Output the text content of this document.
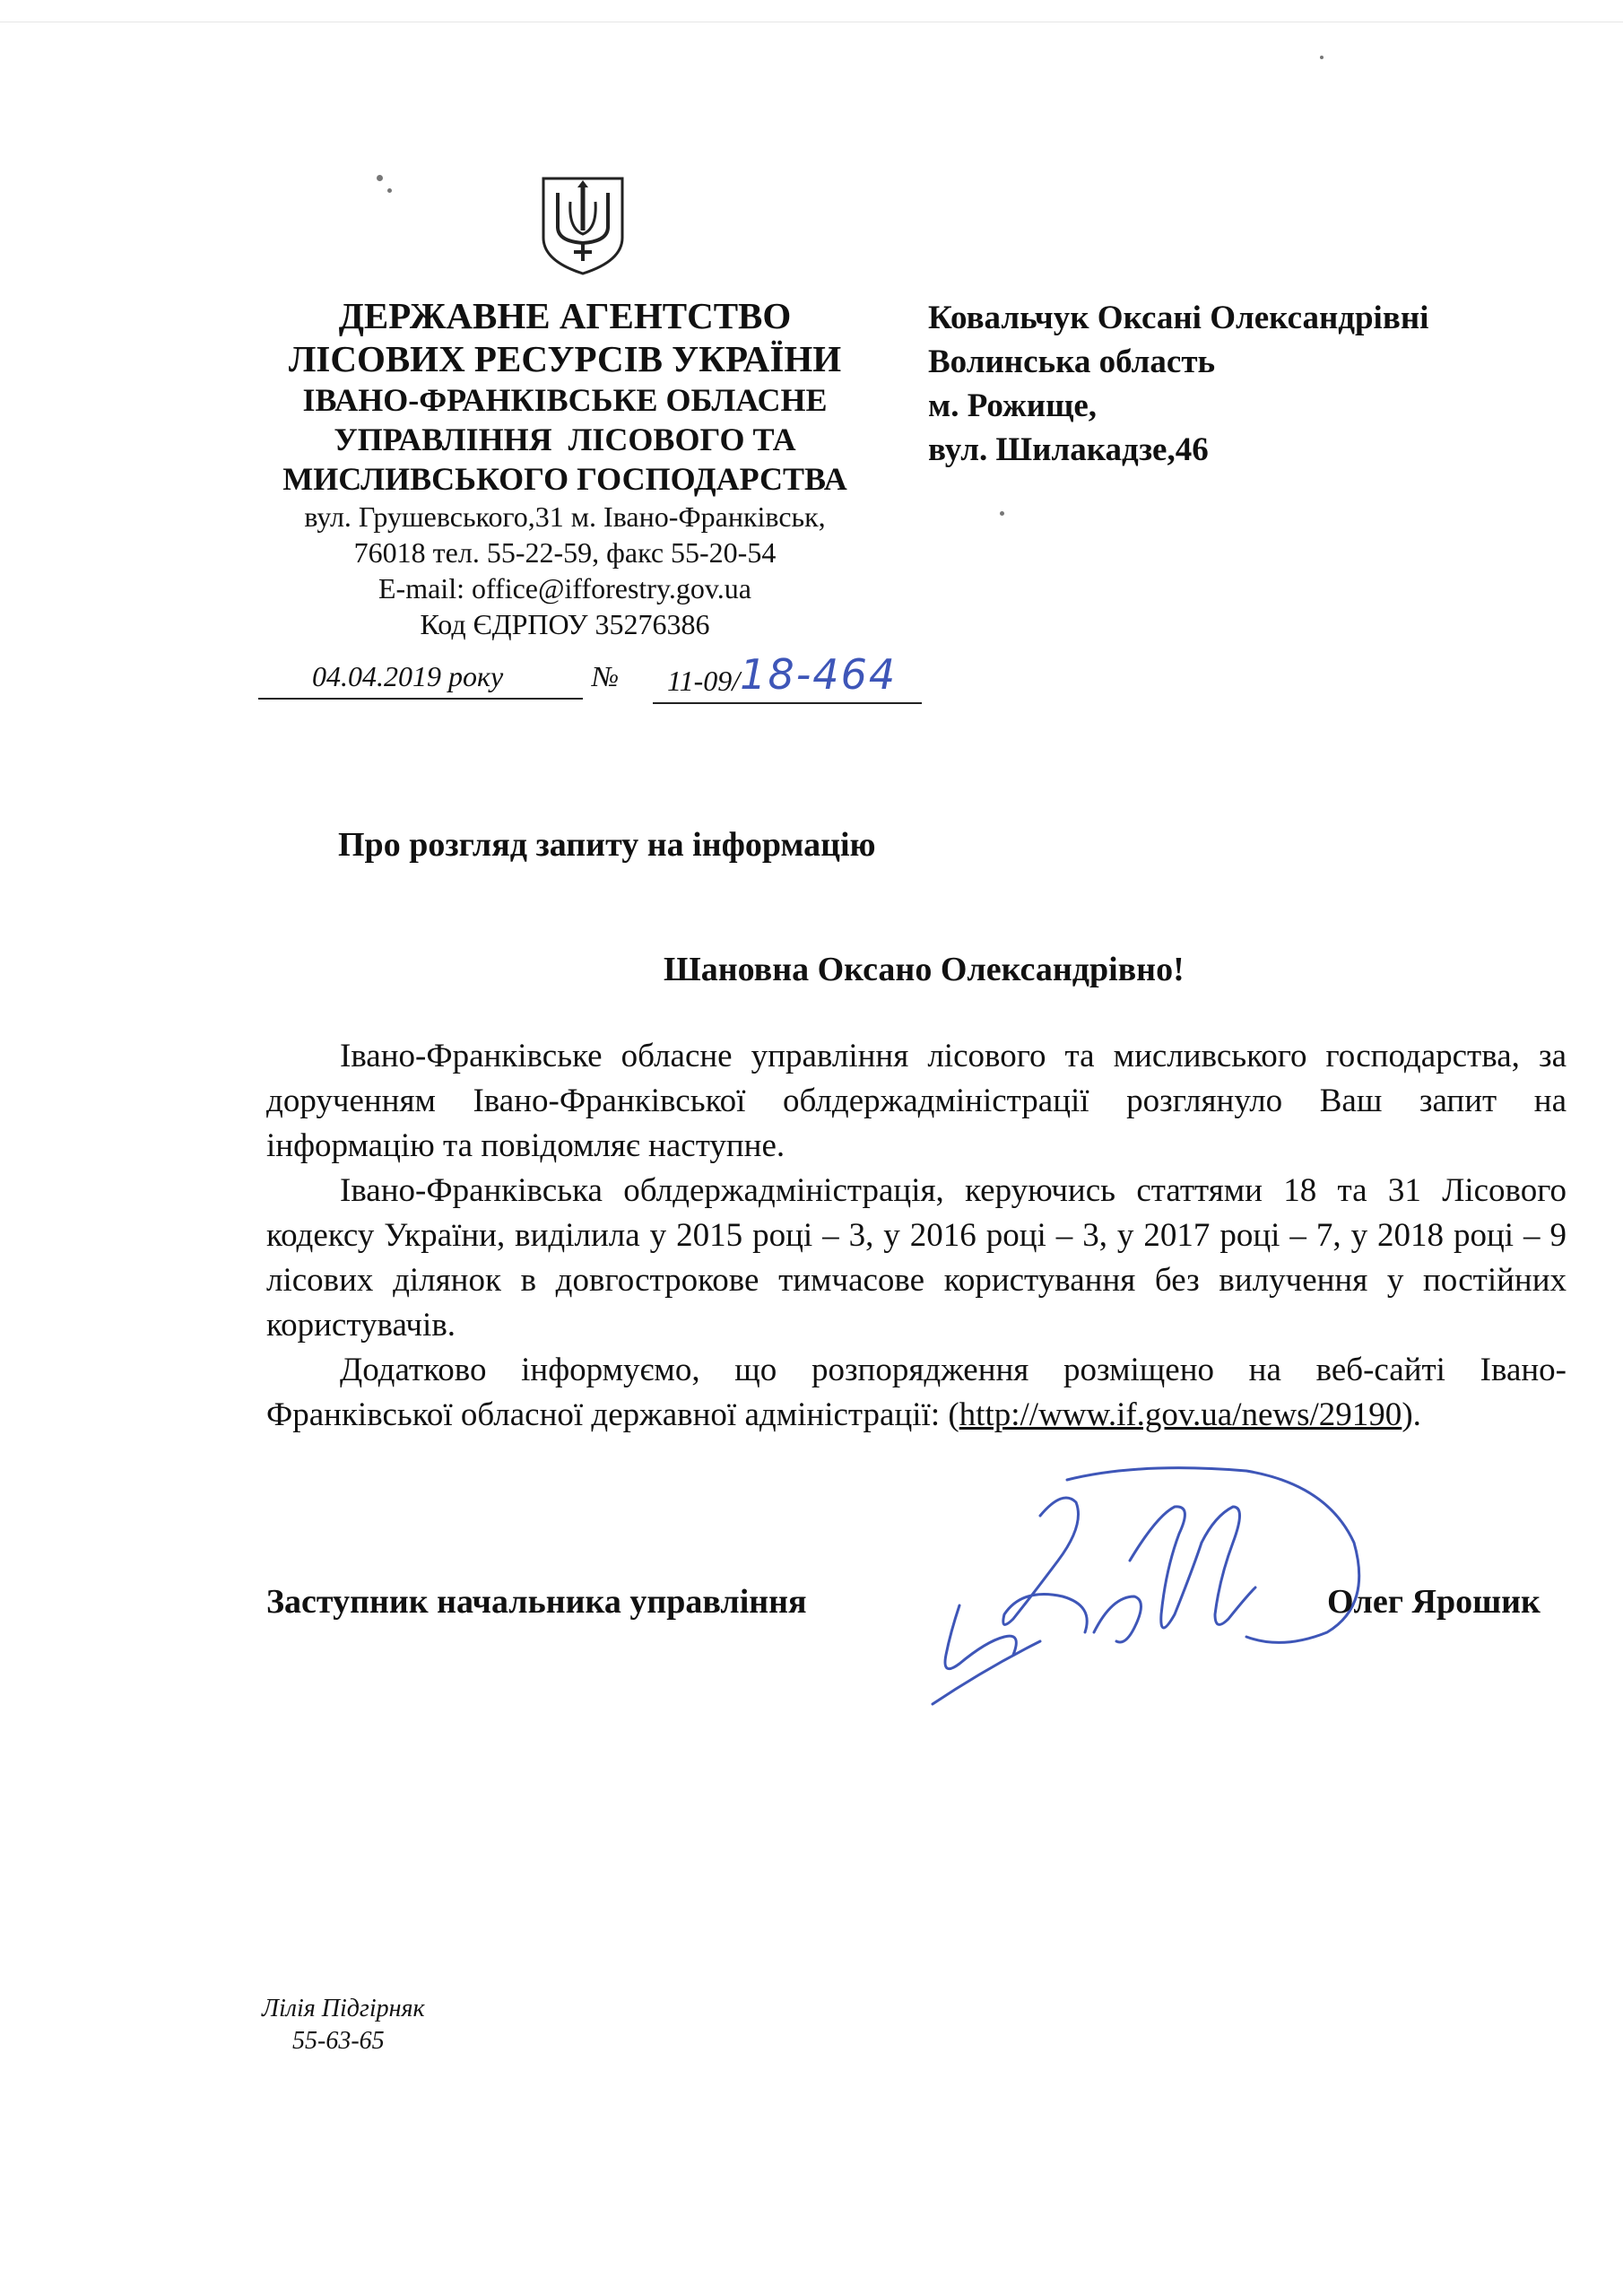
ДЕРЖАВНЕ АГЕНТСТВО
ЛІСОВИХ РЕСУРСІВ УКРАЇНИ
ІВАНО-ФРАНКІВСЬКЕ ОБЛАСНЕ
УПРАВЛІННЯ  ЛІСОВОГО ТА
МИСЛИВСЬКОГО ГОСПОДАРСТВА
вул. Грушевського,31 м. Івано-Франківськ,
76018 тел. 55-22-59, факс 55-20-54
E-mail: office@ifforestry.gov.ua
Код ЄДРПОУ 35276386
Ковальчук Оксані Олександрівні
Волинська область
м. Рожище,
вул. Шилакадзе,46
04.04.2019 року	№	11-09/18-464
Про розгляд запиту на інформацію
Шановна Оксано Олександрівно!

Івано-Франківське обласне управління лісового та мисливського господарства, за дорученням Івано-Франківської облдержадміністрації розглянуло Ваш запит на інформацію та повідомляє наступне.

Івано-Франківська облдержадміністрація, керуючись статтями 18 та 31 Лісового кодексу України, виділила у 2015 році – 3, у 2016 році – 3, у 2017 році – 7, у 2018 році – 9 лісових ділянок в довгострокове тимчасове користування без вилучення у постійних користувачів.

Додатково інформуємо, що розпорядження розміщено на веб-сайті Івано-Франківської обласної державної адміністрації: (http://www.if.gov.ua/news/29190).

Заступник начальника управління	Олег Ярошик
Лілія Підгірняк
55-63-65
